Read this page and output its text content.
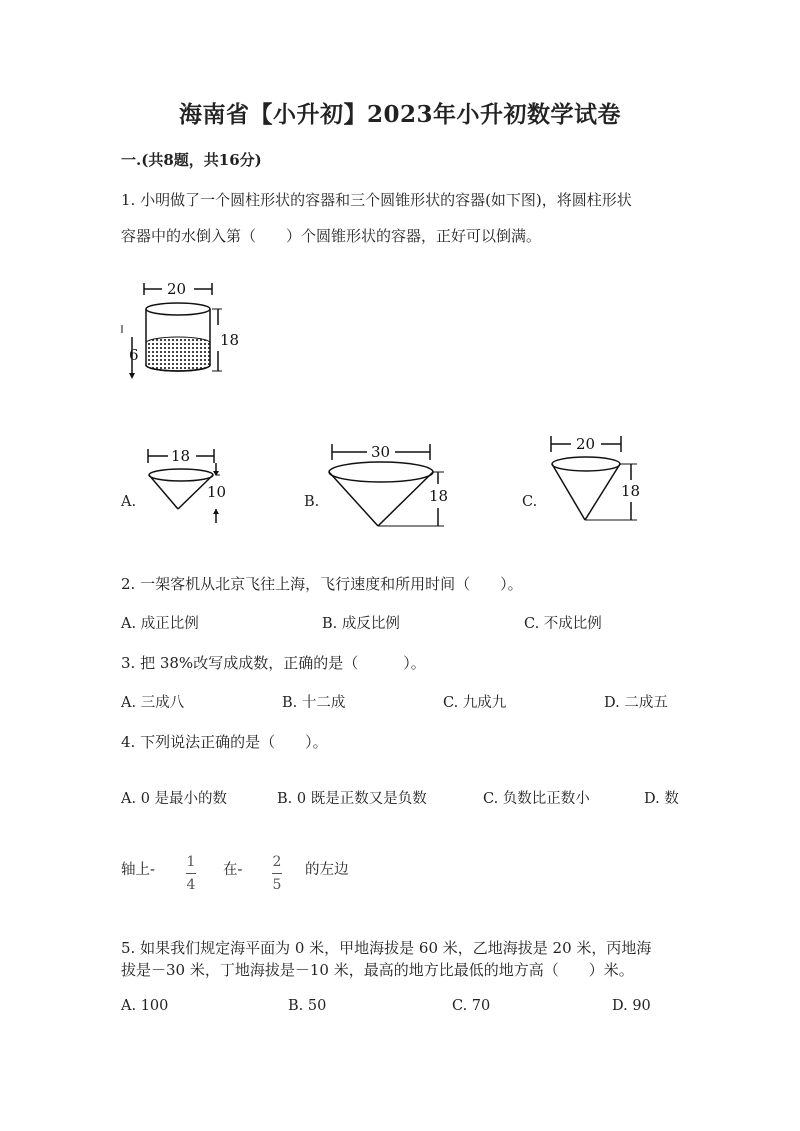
海南省【小升初】2023年小升初数学试卷
一.(共8题，共16分)
1. 小明做了一个圆柱形状的容器和三个圆锥形状的容器(如下图)，将圆柱形状
容器中的水倒入第（　　）个圆锥形状的容器，正好可以倒满。
20
18
6
A.
18
10
B.
30
18	C.
20
18
2. 一架客机从北京飞往上海，飞行速度和所用时间（　　）。
A. 成正比例	B. 成反比例	C. 不成比例
3. 把 38%改写成成数，正确的是（　　　）。
A. 三成八	B. 十二成	C. 九成九	D. 二成五
4. 下列说法正确的是（　　）。
A. 0 是最小的数	B. 0 既是正数又是负数	C. 负数比正数小	D. 数
轴上- $\frac{1}{4}$ 在- $\frac{2}{5}$ 的左边
5. 如果我们规定海平面为 0 米，甲地海拔是 60 米，乙地海拔是 20 米，丙地海
拔是－30 米，丁地海拔是－10 米，最高的地方比最低的地方高（　　）米。
A. 100	B. 50	C. 70	D. 90
